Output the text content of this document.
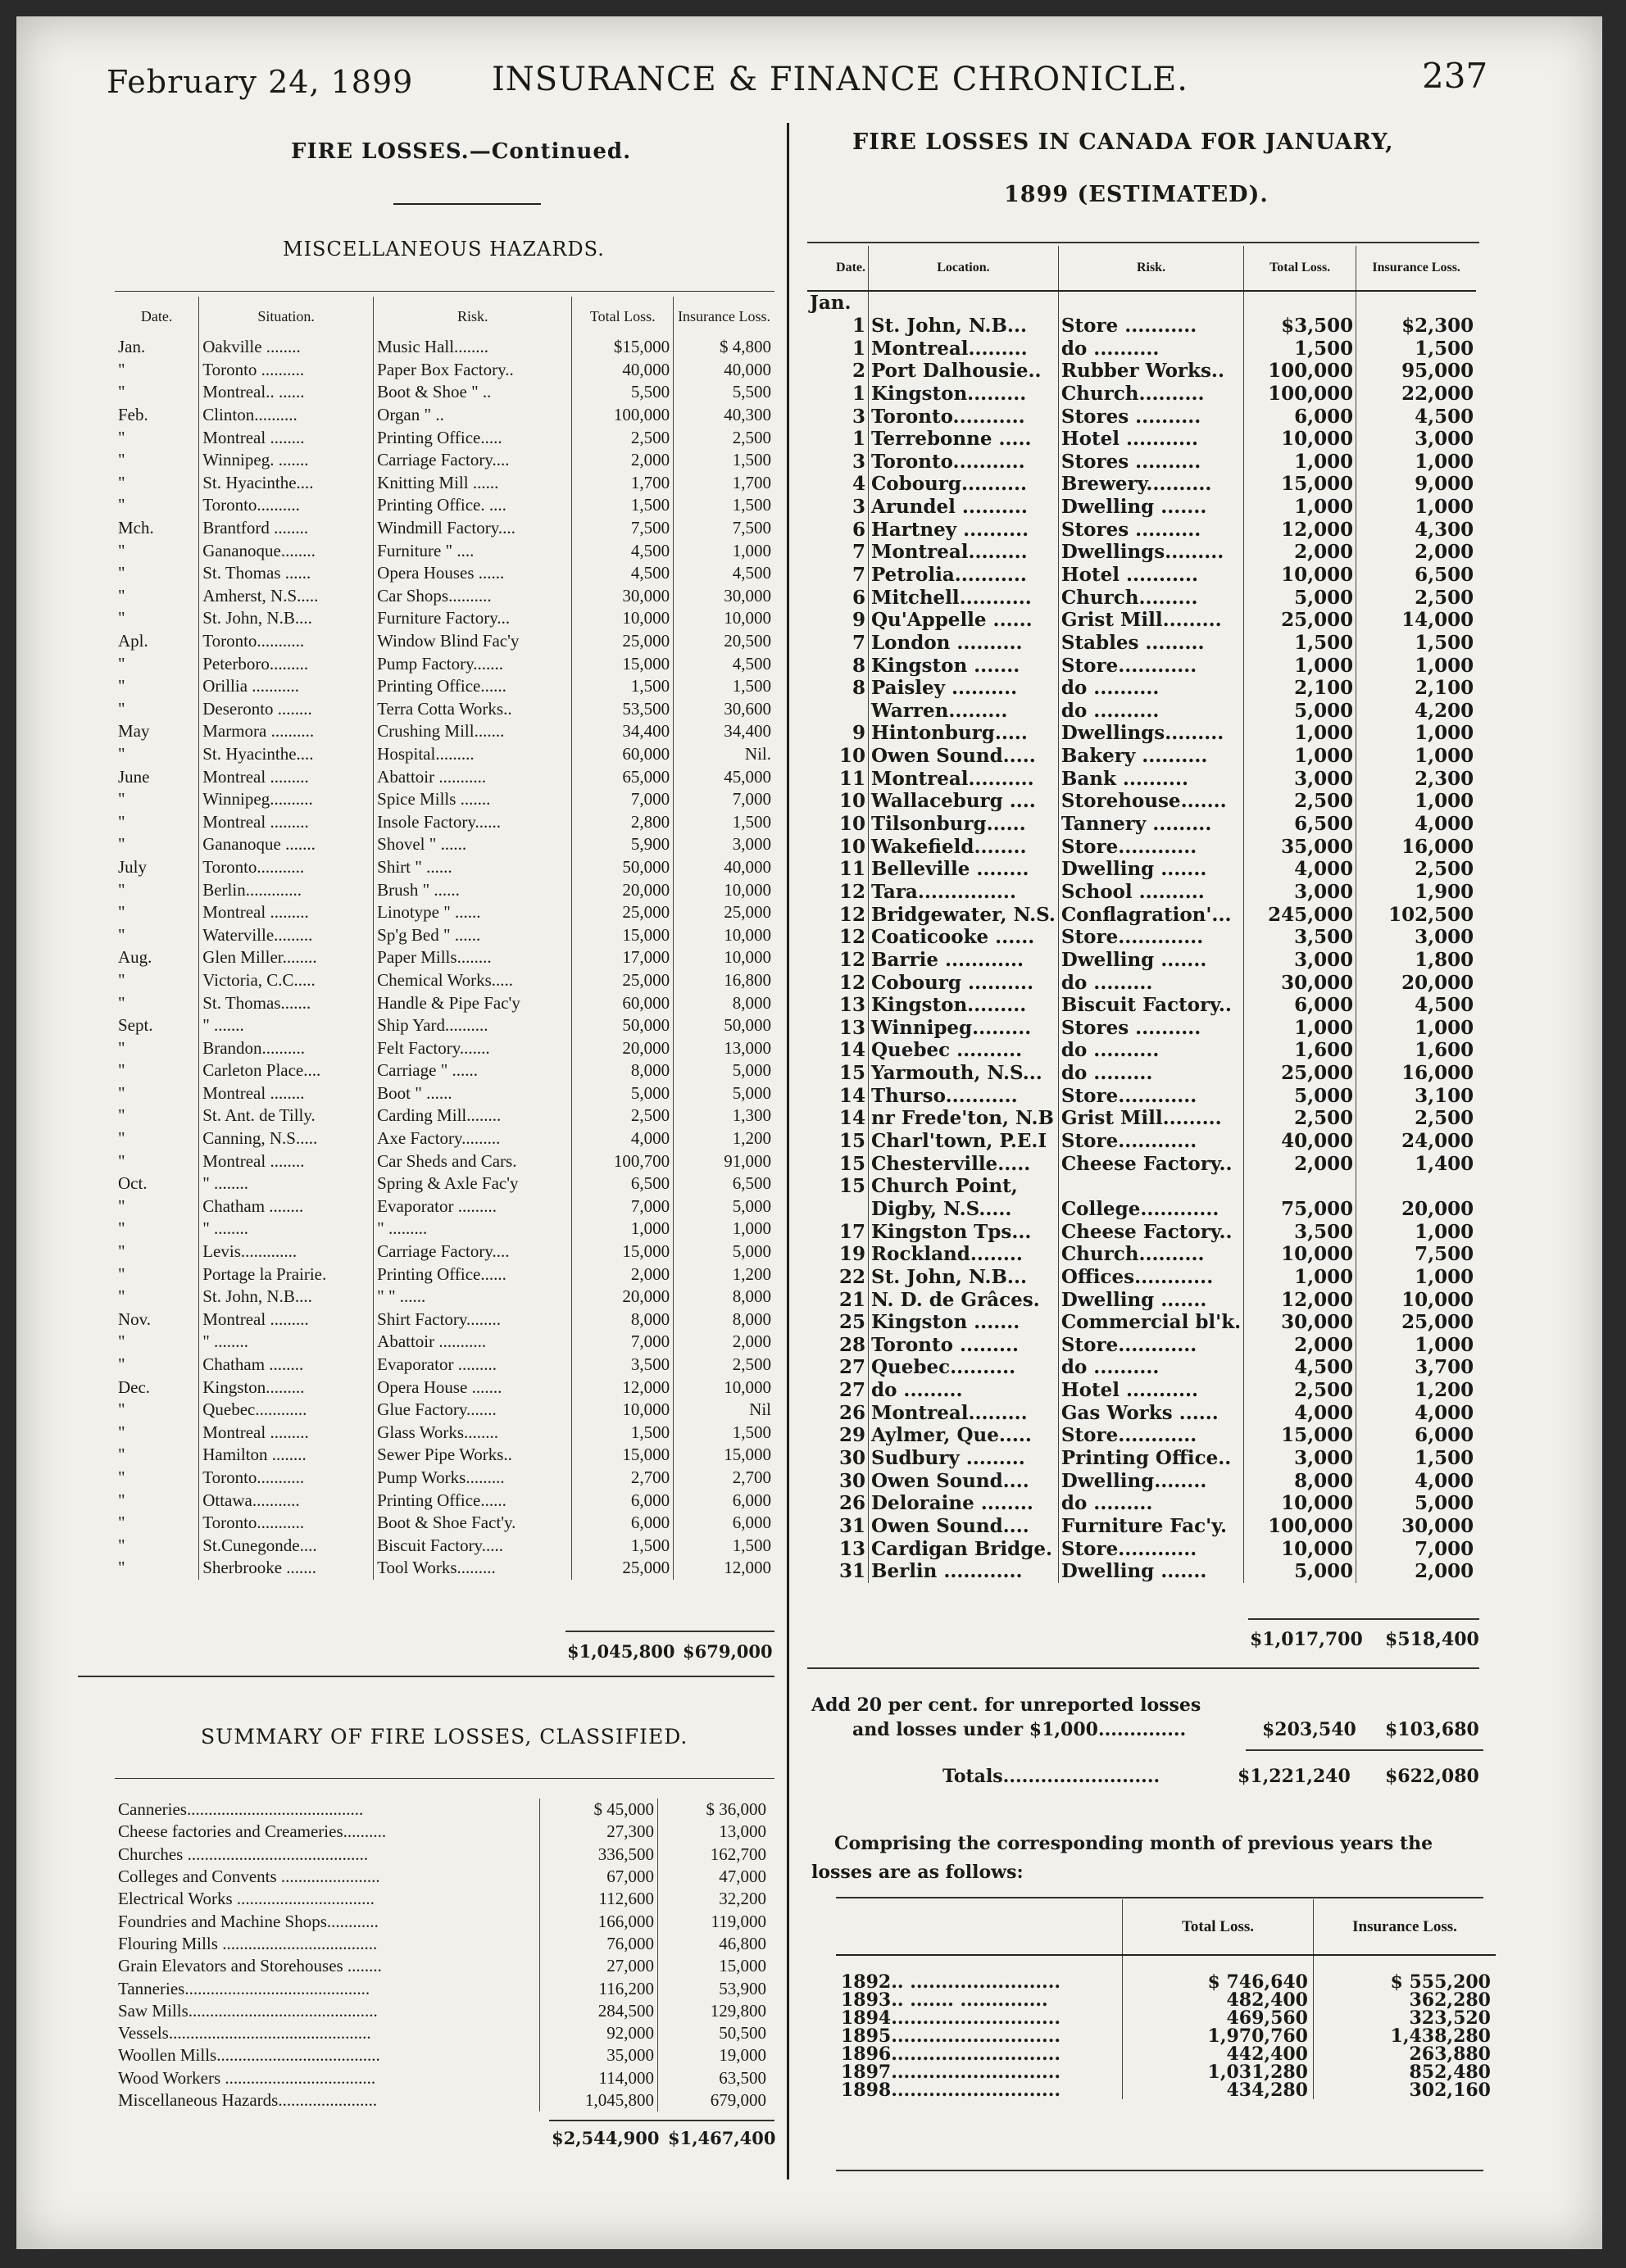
February 24, 1899 INSURANCE & FINANCE CHRONICLE.	237
FIRE LOSSES.—Continued.
MISCELLANEOUS HAZARDS.
Date.	Situation.	Risk.	Total Loss.	Insurance Loss.
Jan.	Oakville ........	Music Hall........	$15,000	$ 4,800
"	Toronto ..........	Paper Box Factory..	40,000	40,000
"	Montreal.. ......	Boot & Shoe " ..	5,500	5,500
Feb.	Clinton..........	Organ " ..	100,000	40,300
"	Montreal ........	Printing Office.....	2,500	2,500
"	Winnipeg. .......	Carriage Factory....	2,000	1,500
"	St. Hyacinthe....	Knitting Mill ......	1,700	1,700
"	Toronto..........	Printing Office. ....	1,500	1,500
Mch.	Brantford ........	Windmill Factory....	7,500	7,500
"	Gananoque........	Furniture " ....	4,500	1,000
"	St. Thomas ......	Opera Houses ......	4,500	4,500
"	Amherst, N.S.....	Car Shops..........	30,000	30,000
"	St. John, N.B....	Furniture Factory...	10,000	10,000
Apl.	Toronto...........	Window Blind Fac'y	25,000	20,500
"	Peterboro.........	Pump Factory.......	15,000	4,500
"	Orillia ...........	Printing Office......	1,500	1,500
"	Deseronto ........	Terra Cotta Works..	53,500	30,600
May	Marmora ..........	Crushing Mill.......	34,400	34,400
"	St. Hyacinthe....	Hospital.........	60,000	Nil.
June	Montreal .........	Abattoir ...........	65,000	45,000
"	Winnipeg..........	Spice Mills .......	7,000	7,000
"	Montreal .........	Insole Factory......	2,800	1,500
"	Gananoque .......	Shovel " ......	5,900	3,000
July	Toronto...........	Shirt " ......	50,000	40,000
"	Berlin.............	Brush " ......	20,000	10,000
"	Montreal .........	Linotype " ......	25,000	25,000
"	Waterville.........	Sp'g Bed " ......	15,000	10,000
Aug.	Glen Miller........	Paper Mills........	17,000	10,000
"	Victoria, C.C.....	Chemical Works.....	25,000	16,800
"	St. Thomas.......	Handle & Pipe Fac'y	60,000	8,000
Sept.	" .......	Ship Yard..........	50,000	50,000
"	Brandon..........	Felt Factory.......	20,000	13,000
"	Carleton Place....	Carriage " ......	8,000	5,000
"	Montreal ........	Boot " ......	5,000	5,000
"	St. Ant. de Tilly.	Carding Mill........	2,500	1,300
"	Canning, N.S.....	Axe Factory.........	4,000	1,200
"	Montreal ........	Car Sheds and Cars.	100,700	91,000
Oct.	" ........	Spring & Axle Fac'y	6,500	6,500
"	Chatham ........	Evaporator .........	7,000	5,000
"	" ........	" .........	1,000	1,000
"	Levis.............	Carriage Factory....	15,000	5,000
"	Portage la Prairie.	Printing Office......	2,000	1,200
"	St. John, N.B....	" " ......	20,000	8,000
Nov.	Montreal .........	Shirt Factory........	8,000	8,000
"	" ........	Abattoir ...........	7,000	2,000
"	Chatham ........	Evaporator .........	3,500	2,500
Dec.	Kingston.........	Opera House .......	12,000	10,000
"	Quebec............	Glue Factory.......	10,000	Nil
"	Montreal .........	Glass Works........	1,500	1,500
"	Hamilton ........	Sewer Pipe Works..	15,000	15,000
"	Toronto...........	Pump Works.........	2,700	2,700
"	Ottawa...........	Printing Office......	6,000	6,000
"	Toronto...........	Boot & Shoe Fact'y.	6,000	6,000
"	St.Cunegonde....	Biscuit Factory.....	1,500	1,500
"	Sherbrooke .......	Tool Works.........	25,000	12,000
$1,045,800 $679,000
SUMMARY OF FIRE LOSSES, CLASSIFIED.
Canneries.........................................	$ 45,000	$ 36,000
Cheese factories and Creameries..........	27,300	13,000
Churches ..........................................	336,500	162,700
Colleges and Convents .......................	67,000	47,000
Electrical Works ................................	112,600	32,200
Foundries and Machine Shops............	166,000	119,000
Flouring Mills ....................................	76,000	46,800
Grain Elevators and Storehouses ........	27,000	15,000
Tanneries...........................................	116,200	53,900
Saw Mills............................................	284,500	129,800
Vessels...............................................	92,000	50,500
Woollen Mills......................................	35,000	19,000
Wood Workers ...................................	114,000	63,500
Miscellaneous Hazards.......................	1,045,800	679,000
$2,544,900 $1,467,400
FIRE LOSSES IN CANADA FOR JANUARY,
1899 (ESTIMATED).
Date.	Location.	Risk.	Total Loss.	Insurance Loss.
Jan.				
1	St. John, N.B...	Store ...........	$3,500	$2,300
1	Montreal.........	do ..........	1,500	1,500
2	Port Dalhousie..	Rubber Works..	100,000	95,000
1	Kingston.........	Church..........	100,000	22,000
3	Toronto...........	Stores ..........	6,000	4,500
1	Terrebonne .....	Hotel ...........	10,000	3,000
3	Toronto...........	Stores ..........	1,000	1,000
4	Cobourg..........	Brewery..........	15,000	9,000
3	Arundel ..........	Dwelling .......	1,000	1,000
6	Hartney ..........	Stores ..........	12,000	4,300
7	Montreal.........	Dwellings.........	2,000	2,000
7	Petrolia...........	Hotel ...........	10,000	6,500
6	Mitchell...........	Church.........	5,000	2,500
9	Qu'Appelle ......	Grist Mill.........	25,000	14,000
7	London ..........	Stables .........	1,500	1,500
8	Kingston .......	Store............	1,000	1,000
8	Paisley ..........	do ..........	2,100	2,100
	Warren.........	do ..........	5,000	4,200
9	Hintonburg.....	Dwellings.........	1,000	1,000
10	Owen Sound.....	Bakery ..........	1,000	1,000
11	Montreal..........	Bank ..........	3,000	2,300
10	Wallaceburg ....	Storehouse.......	2,500	1,000
10	Tilsonburg......	Tannery .........	6,500	4,000
10	Wakefield........	Store............	35,000	16,000
11	Belleville ........	Dwelling .......	4,000	2,500
12	Tara...............	School ..........	3,000	1,900
12	Bridgewater, N.S.	Conflagration'...	245,000	102,500
12	Coaticooke ......	Store.............	3,500	3,000
12	Barrie ............	Dwelling .......	3,000	1,800
12	Cobourg ..........	do .........	30,000	20,000
13	Kingston.........	Biscuit Factory..	6,000	4,500
13	Winnipeg.........	Stores ..........	1,000	1,000
14	Quebec ..........	do ..........	1,600	1,600
15	Yarmouth, N.S...	do .........	25,000	16,000
14	Thurso...........	Store............	5,000	3,100
14	nr Frede'ton, N.B	Grist Mill.........	2,500	2,500
15	Charl'town, P.E.I	Store............	40,000	24,000
15	Chesterville.....	Cheese Factory..	2,000	1,400
15	Church Point,			
	Digby, N.S.....	College............	75,000	20,000
17	Kingston Tps...	Cheese Factory..	3,500	1,000
19	Rockland........	Church..........	10,000	7,500
22	St. John, N.B...	Offices............	1,000	1,000
21	N. D. de Grâces.	Dwelling .......	12,000	10,000
25	Kingston .......	Commercial bl'k.	30,000	25,000
28	Toronto .........	Store............	2,000	1,000
27	Quebec..........	do ..........	4,500	3,700
27	do .........	Hotel ...........	2,500	1,200
26	Montreal.........	Gas Works ......	4,000	4,000
29	Aylmer, Que.....	Store............	15,000	6,000
30	Sudbury .........	Printing Office..	3,000	1,500
30	Owen Sound....	Dwelling........	8,000	4,000
26	Deloraine ........	do .........	10,000	5,000
31	Owen Sound....	Furniture Fac'y.	100,000	30,000
13	Cardigan Bridge.	Store............	10,000	7,000
31	Berlin ............	Dwelling .......	5,000	2,000
$1,017,700 $518,400
Add 20 per cent. for unreported losses
and losses under $1,000..............	$203,540 $103,680
Totals.........................	$1,221,240 $622,080
Comprising the corresponding month of previous years the
losses are as follows:
	Total Loss.	Insurance Loss.

1892.. ........................	$ 746,640	$ 555,200
1893.. ....... ..............	482,400	362,280
1894...........................	469,560	323,520
1895...........................	1,970,760	1,438,280
1896...........................	442,400	263,880
1897...........................	1,031,280	852,480
1898...........................	434,280	302,160
